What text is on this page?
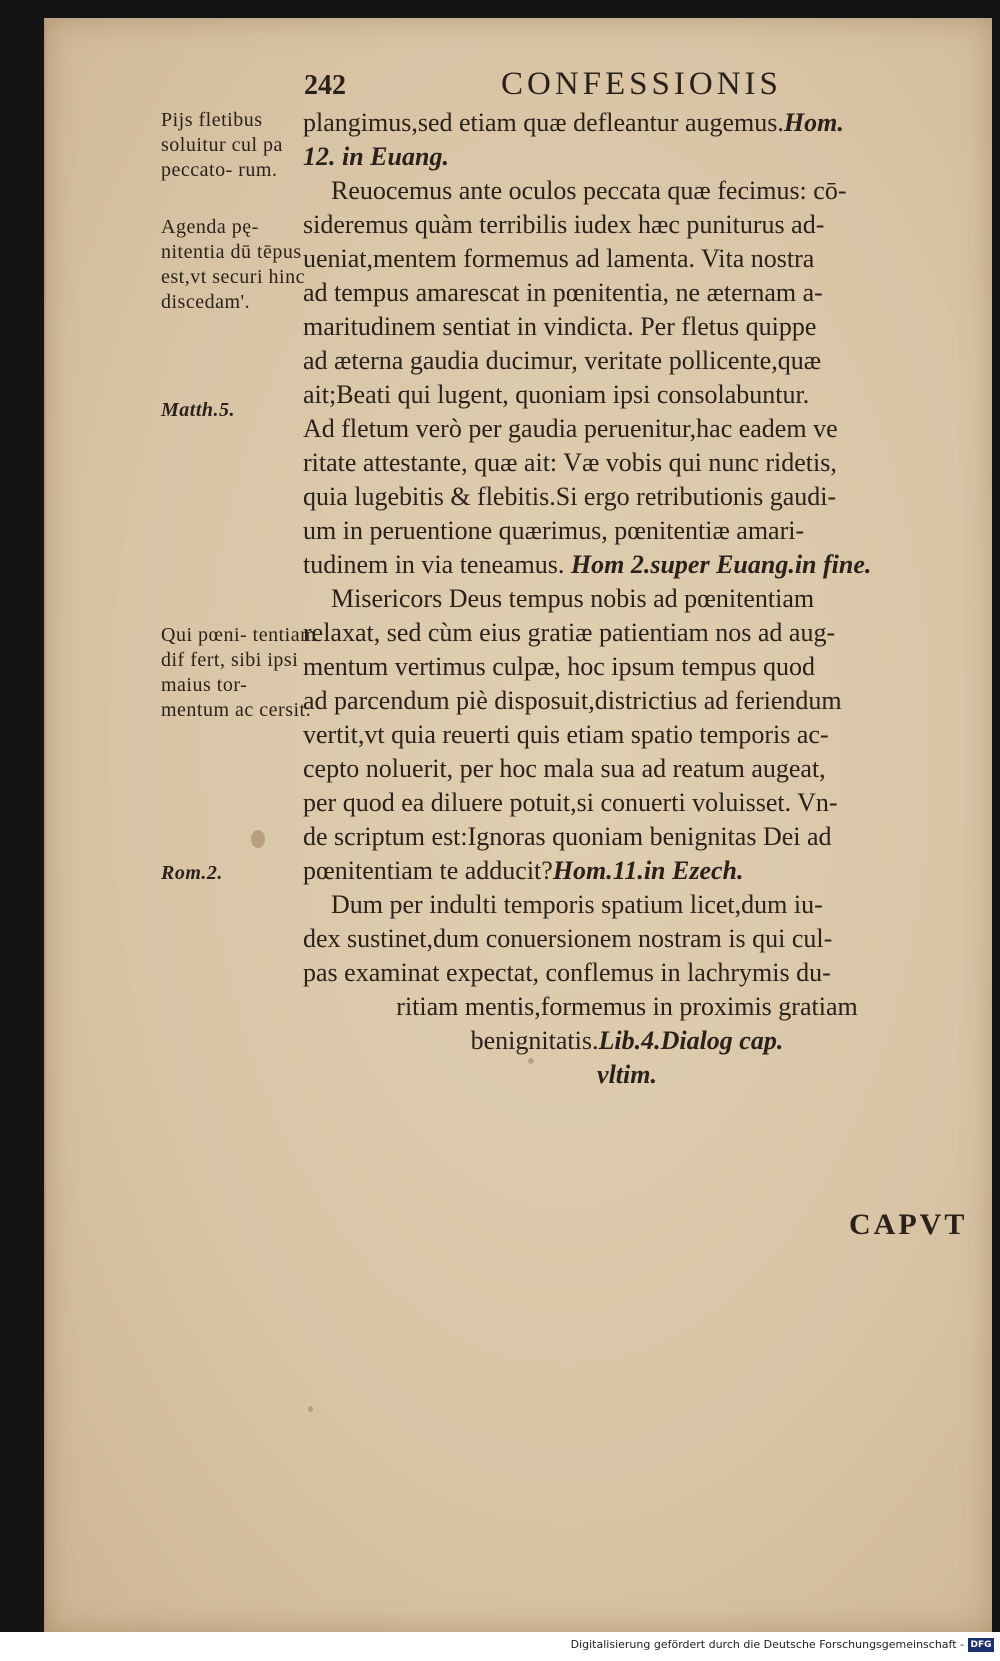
242	CONFESSIONIS
Pijs fletibus soluitur cul pa peccato- rum.
Agenda pę- nitentia dū tēpus est,vt securi hinc discedam'.
Matth.5.
Qui pœni- tentiam dif fert, sibi ipsi maius tor- mentum ac cersit.
Rom.2.
plangimus,sed etiam quæ defleantur augemus.Hom.
12. in Euang.
Reuocemus ante oculos peccata quæ fecimus: cō-
sideremus quàm terribilis iudex hæc puniturus ad-
ueniat,mentem formemus ad lamenta. Vita nostra
ad tempus amarescat in pœnitentia, ne æternam a-
maritudinem sentiat in vindicta. Per fletus quippe
ad æterna gaudia ducimur, veritate pollicente,quæ
ait;Beati qui lugent, quoniam ipsi consolabuntur.
Ad fletum verò per gaudia peruenitur,hac eadem ve
ritate attestante, quæ ait: Væ vobis qui nunc ridetis,
quia lugebitis & flebitis.Si ergo retributionis gaudi-
um in peruentione quærimus, pœnitentiæ amari-
tudinem in via teneamus. Hom 2.super Euang.in fine.
Misericors Deus tempus nobis ad pœnitentiam
relaxat, sed cùm eius gratiæ patientiam nos ad aug-
mentum vertimus culpæ, hoc ipsum tempus quod
ad parcendum piè disposuit,districtius ad feriendum
vertit,vt quia reuerti quis etiam spatio temporis ac-
cepto noluerit, per hoc mala sua ad reatum augeat,
per quod ea diluere potuit,si conuerti voluisset. Vn-
de scriptum est:Ignoras quoniam benignitas Dei ad
pœnitentiam te adducit?Hom.11.in Ezech.
Dum per indulti temporis spatium licet,dum iu-
dex sustinet,dum conuersionem nostram is qui cul-
pas examinat expectat, conflemus in lachrymis du-
ritiam mentis,formemus in proximis gratiam
benignitatis.Lib.4.Dialog cap.
vltim.
CAPVT
Digitalisierung gefördert durch die Deutsche Forschungsgemeinschaft - DFG
